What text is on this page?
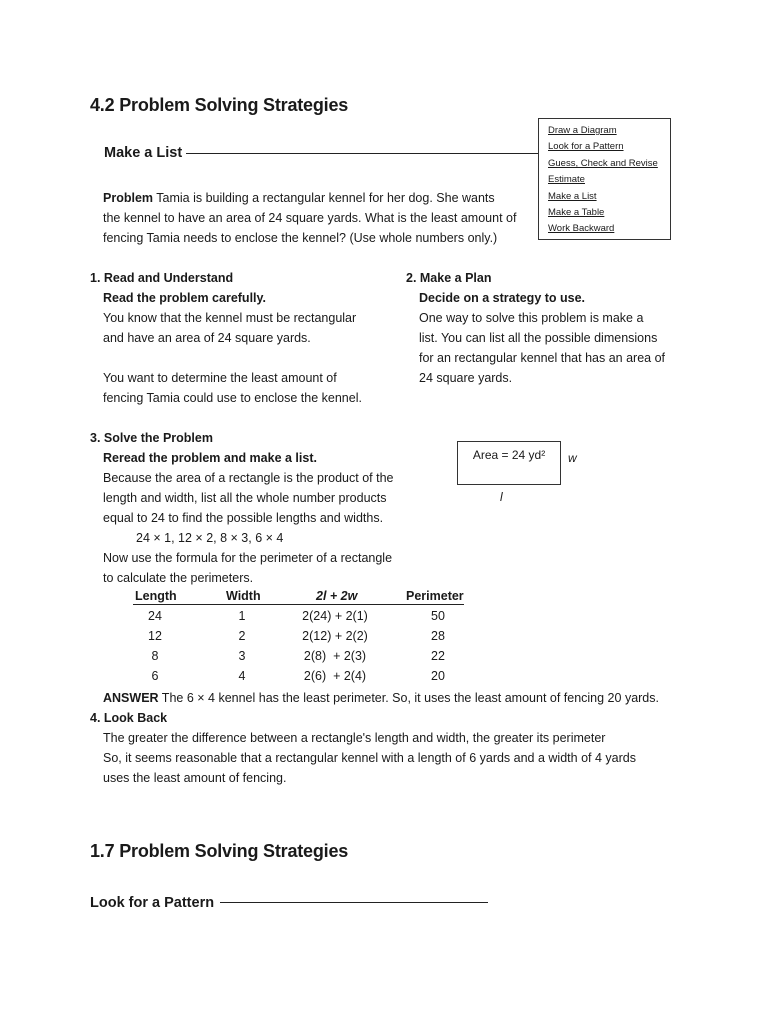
4.2 Problem Solving Strategies
Make a List
Draw a Diagram
Look for a Pattern
Guess, Check and Revise
Estimate
Make a List
Make a Table
Work Backward
Problem Tamia is building a rectangular kennel for her dog. She wants
the kennel to have an area of 24 square yards. What is the least amount of
fencing Tamia needs to enclose the kennel? (Use whole numbers only.)
1. Read and Understand
Read the problem carefully.
You know that the kennel must be rectangular
and have an area of 24 square yards.
You want to determine the least amount of
fencing Tamia could use to enclose the kennel.
2. Make a Plan
Decide on a strategy to use.
One way to solve this problem is make a
list. You can list all the possible dimensions
for an rectangular kennel that has an area of
24 square yards.
3. Solve the Problem
Reread the problem and make a list.
Because the area of a rectangle is the product of the
length and width, list all the whole number products
equal to 24 to find the possible lengths and widths.
24 × 1, 12 × 2, 8 × 3, 6 × 4
Now use the formula for the perimeter of a rectangle
to calculate the perimeters.
Area = 24 yd²	w
l
Length	Width	2l + 2w	Perimeter
24	1	2(24) + 2(1)	50
12	2	2(12) + 2(2)	28
8	3	2(8)  + 2(3)	22
6	4	2(6)  + 2(4)	20
ANSWER The 6 × 4 kennel has the least perimeter. So, it uses the least amount of fencing 20 yards.
4. Look Back
The greater the difference between a rectangle's length and width, the greater its perimeter
So, it seems reasonable that a rectangular kennel with a length of 6 yards and a width of 4 yards
uses the least amount of fencing.
1.7 Problem Solving Strategies
Look for a Pattern
